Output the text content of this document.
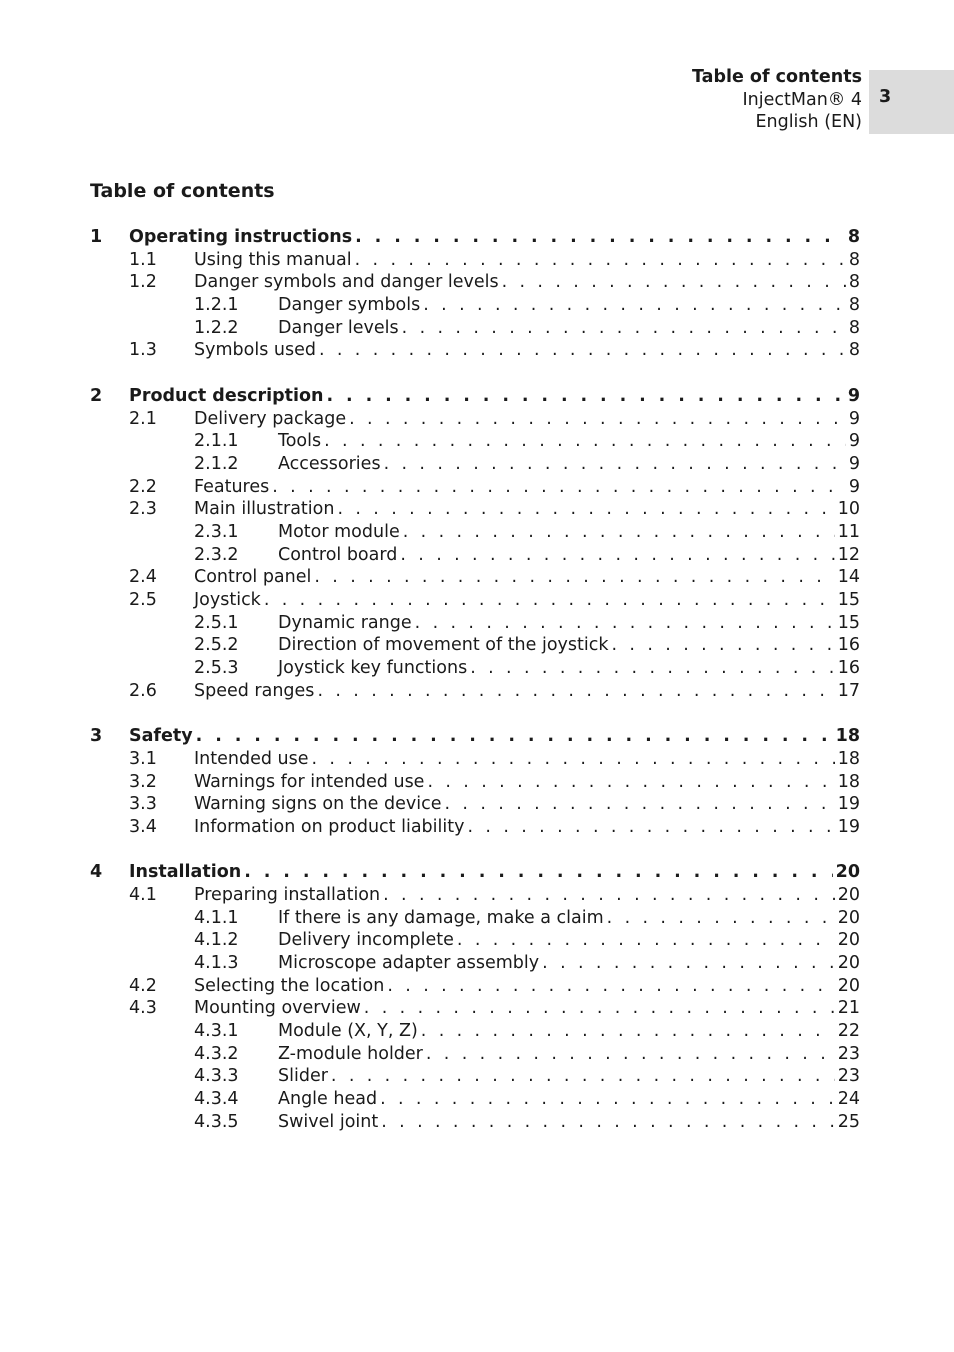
Table of contents
InjectMan® 4
English (EN)
3
Table of contents
1	Operating instructions . . .	8
1.1	Using this manual . . .	8
1.2	Danger symbols and danger levels . . .	8
1.2.1	Danger symbols . . .	8
1.2.2	Danger levels . . .	8
1.3	Symbols used . . .	8
2	Product description . . .	9
2.1	Delivery package . . .	9
2.1.1	Tools . . .	9
2.1.2	Accessories . . .	9
2.2	Features . . .	9
2.3	Main illustration . . .	10
2.3.1	Motor module . . .	11
2.3.2	Control board . . .	12
2.4	Control panel . . .	14
2.5	Joystick . . .	15
2.5.1	Dynamic range . . .	15
2.5.2	Direction of movement of the joystick . . .	16
2.5.3	Joystick key functions . . .	16
2.6	Speed ranges . . .	17
3	Safety . . .	18
3.1	Intended use . . .	18
3.2	Warnings for intended use . . .	18
3.3	Warning signs on the device . . .	19
3.4	Information on product liability . . .	19
4	Installation . . .	20
4.1	Preparing installation . . .	20
4.1.1	If there is any damage, make a claim . . .	20
4.1.2	Delivery incomplete . . .	20
4.1.3	Microscope adapter assembly . . .	20
4.2	Selecting the location . . .	20
4.3	Mounting overview . . .	21
4.3.1	Module (X, Y, Z) . . .	22
4.3.2	Z-module holder . . .	23
4.3.3	Slider . . .	23
4.3.4	Angle head . . .	24
4.3.5	Swivel joint . . .	25
